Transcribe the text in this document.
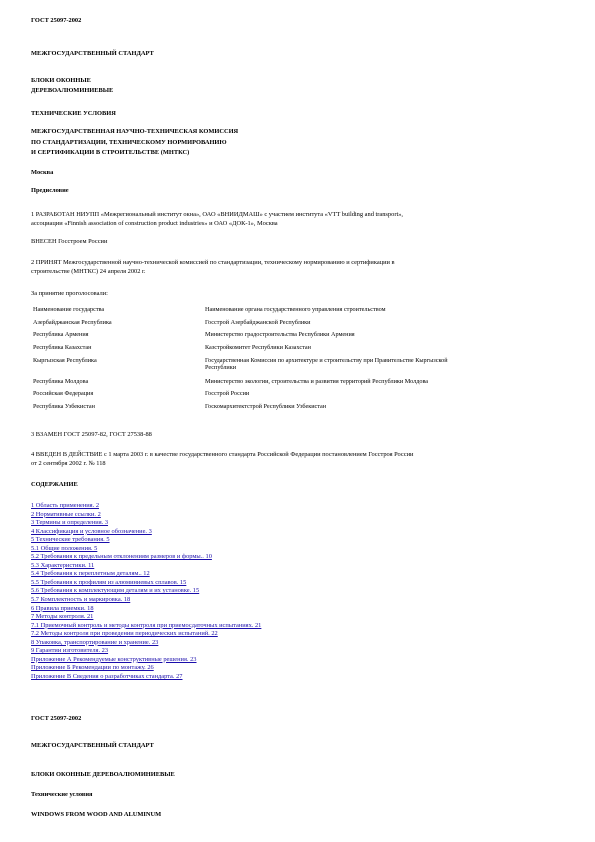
ГОСТ 25097-2002
МЕЖГОСУДАРСТВЕННЫЙ СТАНДАРТ
БЛОКИ ОКОННЫЕ
ДЕРЕВОАЛЮМИНИЕВЫЕ
ТЕХНИЧЕСКИЕ УСЛОВИЯ
МЕЖГОСУДАРСТВЕННАЯ НАУЧНО-ТЕХНИЧЕСКАЯ КОМИССИЯ
ПО СТАНДАРТИЗАЦИИ, ТЕХНИЧЕСКОМУ НОРМИРОВАНИЮ
И СЕРТИФИКАЦИИ В СТРОИТЕЛЬСТВЕ (МНТКС)
Москва
Предисловие
1 РАЗРАБОТАН НИУПП «Межрегиональный институт окна», ОАО «ВНИИДМАШ» с участием института «VTT building and transport»,
ассоциации «Finnish association of construction product industries» и ОАО «ДОК-1», Москва
ВНЕСЕН Госстроем России
2 ПРИНЯТ Межгосударственной научно-технической комиссией по стандартизации, техническому нормированию и сертификации в
строительстве (МНТКС) 24 апреля 2002 г.
За принятие проголосовали:
Наименование государства	Наименование органа государственного управления строительством
Азербайджанская Республика	Госстрой Азербайджанской Республики
Республика Армения	Министерство градостроительства Республики Армения
Республика Казахстан	Казстройкомитет Республики Казахстан
Кыргызская Республика	Государственная Комиссия по архитектуре и строительству при Правительстве Кыргызской
Республики
Республика Молдова	Министерство экологии, строительства и развития территорий Республики Молдова
Российская Федерация	Госстрой России
Республика Узбекистан	Госкомархитектстрой Республики Узбекистан
3 ВЗАМЕН ГОСТ 25097-82, ГОСТ 27538-88
4 ВВЕДЕН В ДЕЙСТВИЕ с 1 марта 2003 г. в качестве государственного стандарта Российской Федерации постановлением Госстроя России
от 2 сентября 2002 г. № 118
СОДЕРЖАНИЕ
1 Область применения. 2
2 Нормативные ссылки. 2
3 Термины и определения. 3
4 Классификация и условное обозначение. 3
5 Технические требования. 5
5.1 Общие положения. 5
5.2 Требования к предельным отклонениям размеров и формы.. 10
5.3 Характеристики. 11
5.4 Требования к переплетным деталям.. 12
5.5 Требования к профилям из алюминиевых сплавов. 15
5.6 Требования к комплектующим деталям и их установке. 15
5.7 Комплектность и маркировка. 18
6 Правила приемки. 18
7 Методы контроля. 21
7.1 Приемочный контроль и методы контроля при приемосдаточных испытаниях. 21
7.2 Методы контроля при проведении периодических испытаний. 22
8 Упаковка, транспортирование и хранение. 23
9 Гарантии изготовителя. 23
Приложение А Рекомендуемые конструктивные решения. 23
Приложение Б Рекомендации по монтажу. 26
Приложение В Сведения о разработчиках стандарта. 27
ГОСТ 25097-2002
МЕЖГОСУДАРСТВЕННЫЙ СТАНДАРТ
БЛОКИ ОКОННЫЕ ДЕРЕВОАЛЮМИНИЕВЫЕ
Технические условия
WINDOWS FROM WOOD AND ALUMINUM
